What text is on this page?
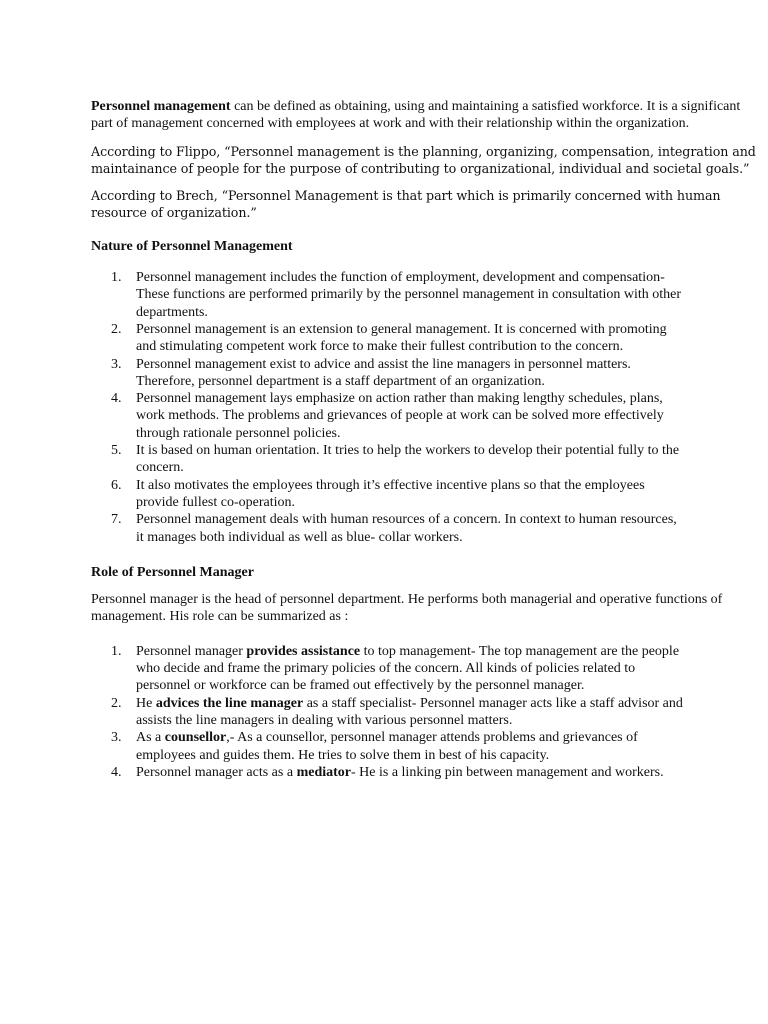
Personnel management can be defined as obtaining, using and maintaining a satisfied workforce. It is a significant part of management concerned with employees at work and with their relationship within the organization.

According to Flippo, “Personnel management is the planning, organizing, compensation, integration and maintainance of people for the purpose of contributing to organizational, individual and societal goals.”

According to Brech, “Personnel Management is that part which is primarily concerned with human resource of organization.”

Nature of Personnel Management
1. Personnel management includes the function of employment, development and compensation- These functions are performed primarily by the personnel management in consultation with other departments.
2. Personnel management is an extension to general management. It is concerned with promoting and stimulating competent work force to make their fullest contribution to the concern.
3. Personnel management exist to advice and assist the line managers in personnel matters. Therefore, personnel department is a staff department of an organization.
4. Personnel management lays emphasize on action rather than making lengthy schedules, plans, work methods. The problems and grievances of people at work can be solved more effectively through rationale personnel policies.
5. It is based on human orientation. It tries to help the workers to develop their potential fully to the concern.
6. It also motivates the employees through it’s effective incentive plans so that the employees provide fullest co-operation.
7. Personnel management deals with human resources of a concern. In context to human resources, it manages both individual as well as blue- collar workers.
Role of Personnel Manager

Personnel manager is the head of personnel department. He performs both managerial and operative functions of management. His role can be summarized as :

1. Personnel manager provides assistance to top management- The top management are the people who decide and frame the primary policies of the concern. All kinds of policies related to personnel or workforce can be framed out effectively by the personnel manager.
2. He advices the line manager as a staff specialist- Personnel manager acts like a staff advisor and assists the line managers in dealing with various personnel matters.
3. As a counsellor,- As a counsellor, personnel manager attends problems and grievances of employees and guides them. He tries to solve them in best of his capacity.
4. Personnel manager acts as a mediator- He is a linking pin between management and workers.
